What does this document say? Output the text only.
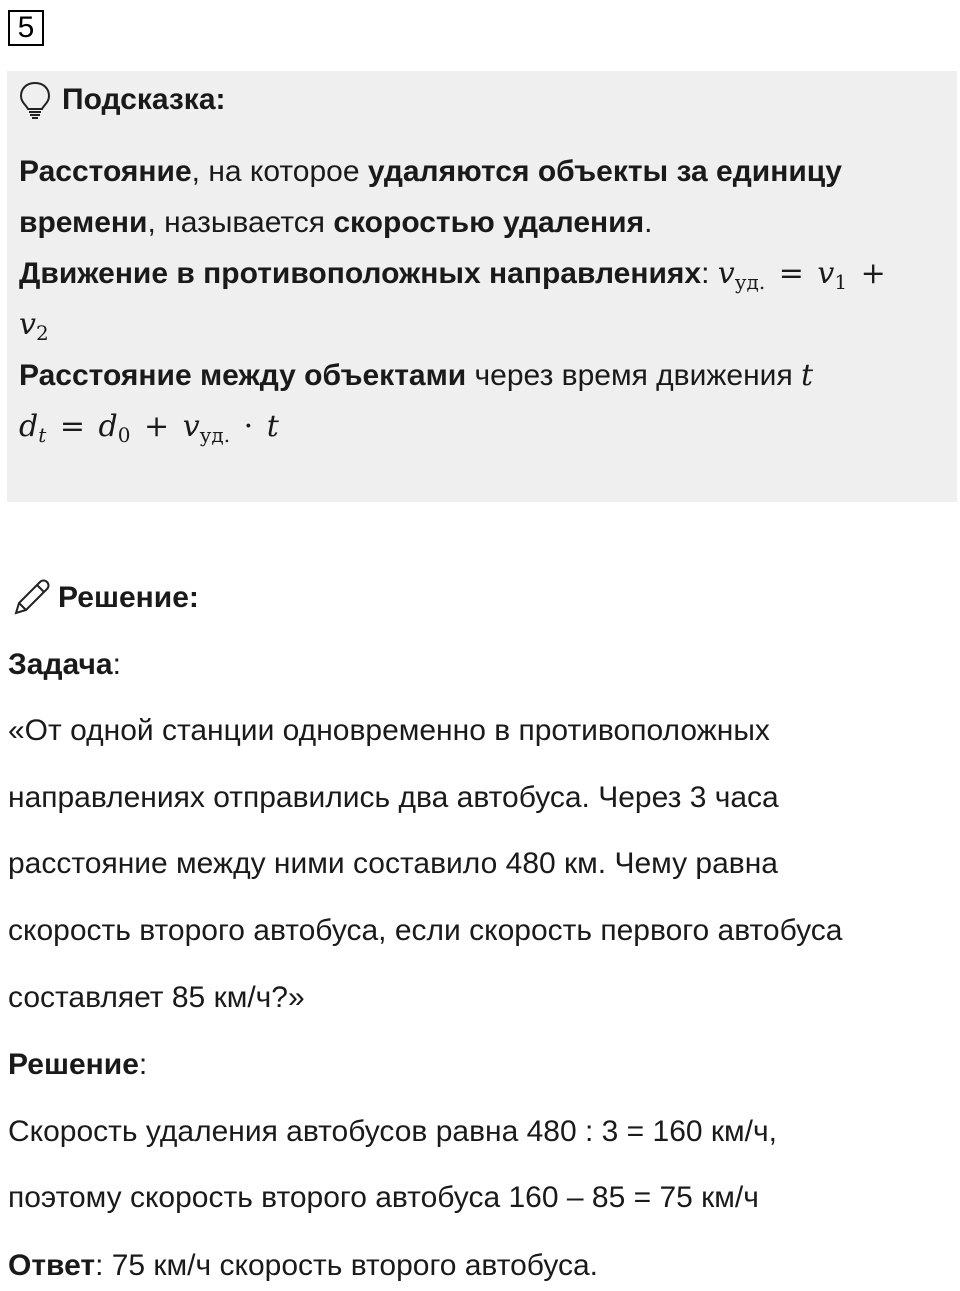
5
Подсказка:
Расстояние, на которое удаляются объекты за единицу времени, называется скоростью удаления.
Движение в противоположных направлениях: $v_{уд.} = v_1$ +
$v_2$
Расстояние между объектами через время движения t
$d_t = d_0 + v_{уд.} \cdot t$
Решение:
Задача:
«От одной станции одновременно в противоположных
направлениях отправились два автобуса. Через 3 часа
расстояние между ними составило 480 км. Чему равна
скорость второго автобуса, если скорость первого автобуса
составляет 85 км/ч?»
Решение:
Скорость удаления автобусов равна 480 : 3 = 160 км/ч,
поэтому скорость второго автобуса 160 – 85 = 75 км/ч
Ответ: 75 км/ч скорость второго автобуса.
